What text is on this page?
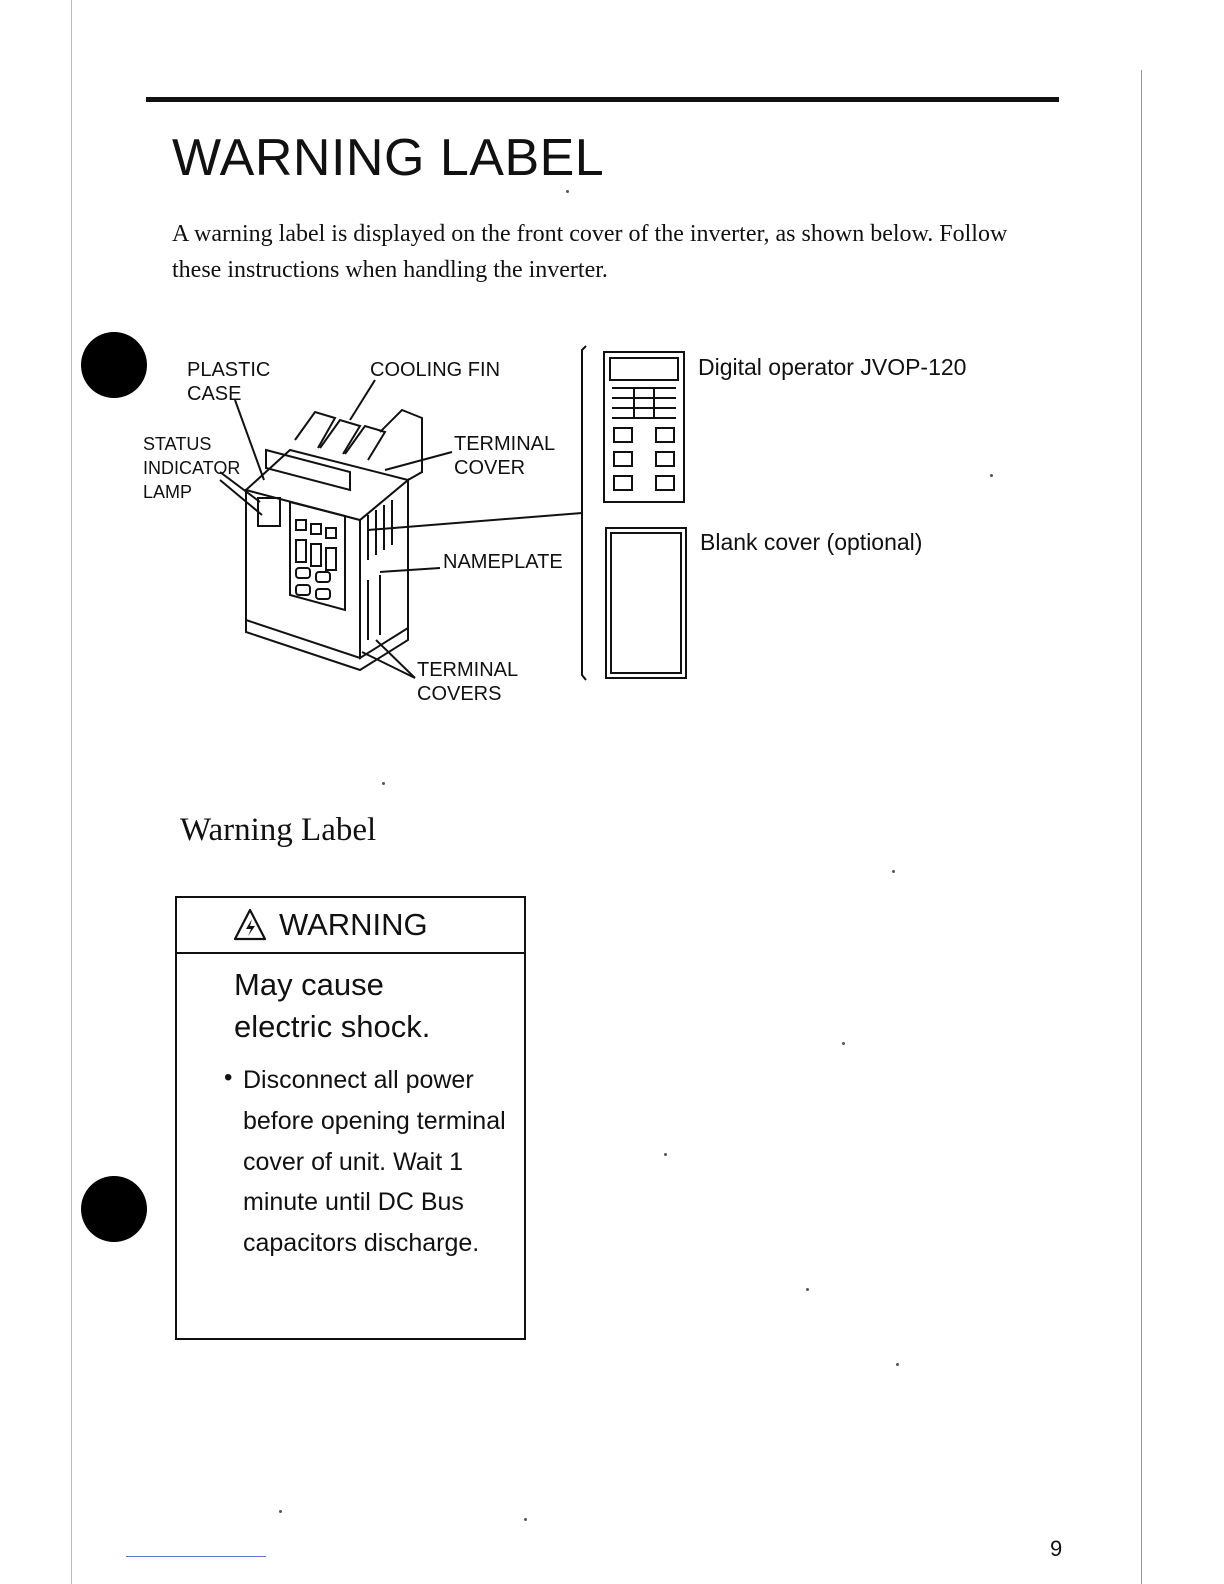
WARNING LABEL
A warning label is displayed on the front cover of the inverter, as shown below. Follow these instructions when handling the inverter.
PLASTIC
CASE
COOLING FIN
STATUS
INDICATOR
LAMP
TERMINAL
COVER
NAMEPLATE
TERMINAL
COVERS
Digital operator JVOP-120
Blank cover (optional)
Warning Label
WARNING
May cause
electric shock.
• Disconnect all power before opening terminal cover of unit. Wait 1 minute until DC Bus capacitors discharge.
9
